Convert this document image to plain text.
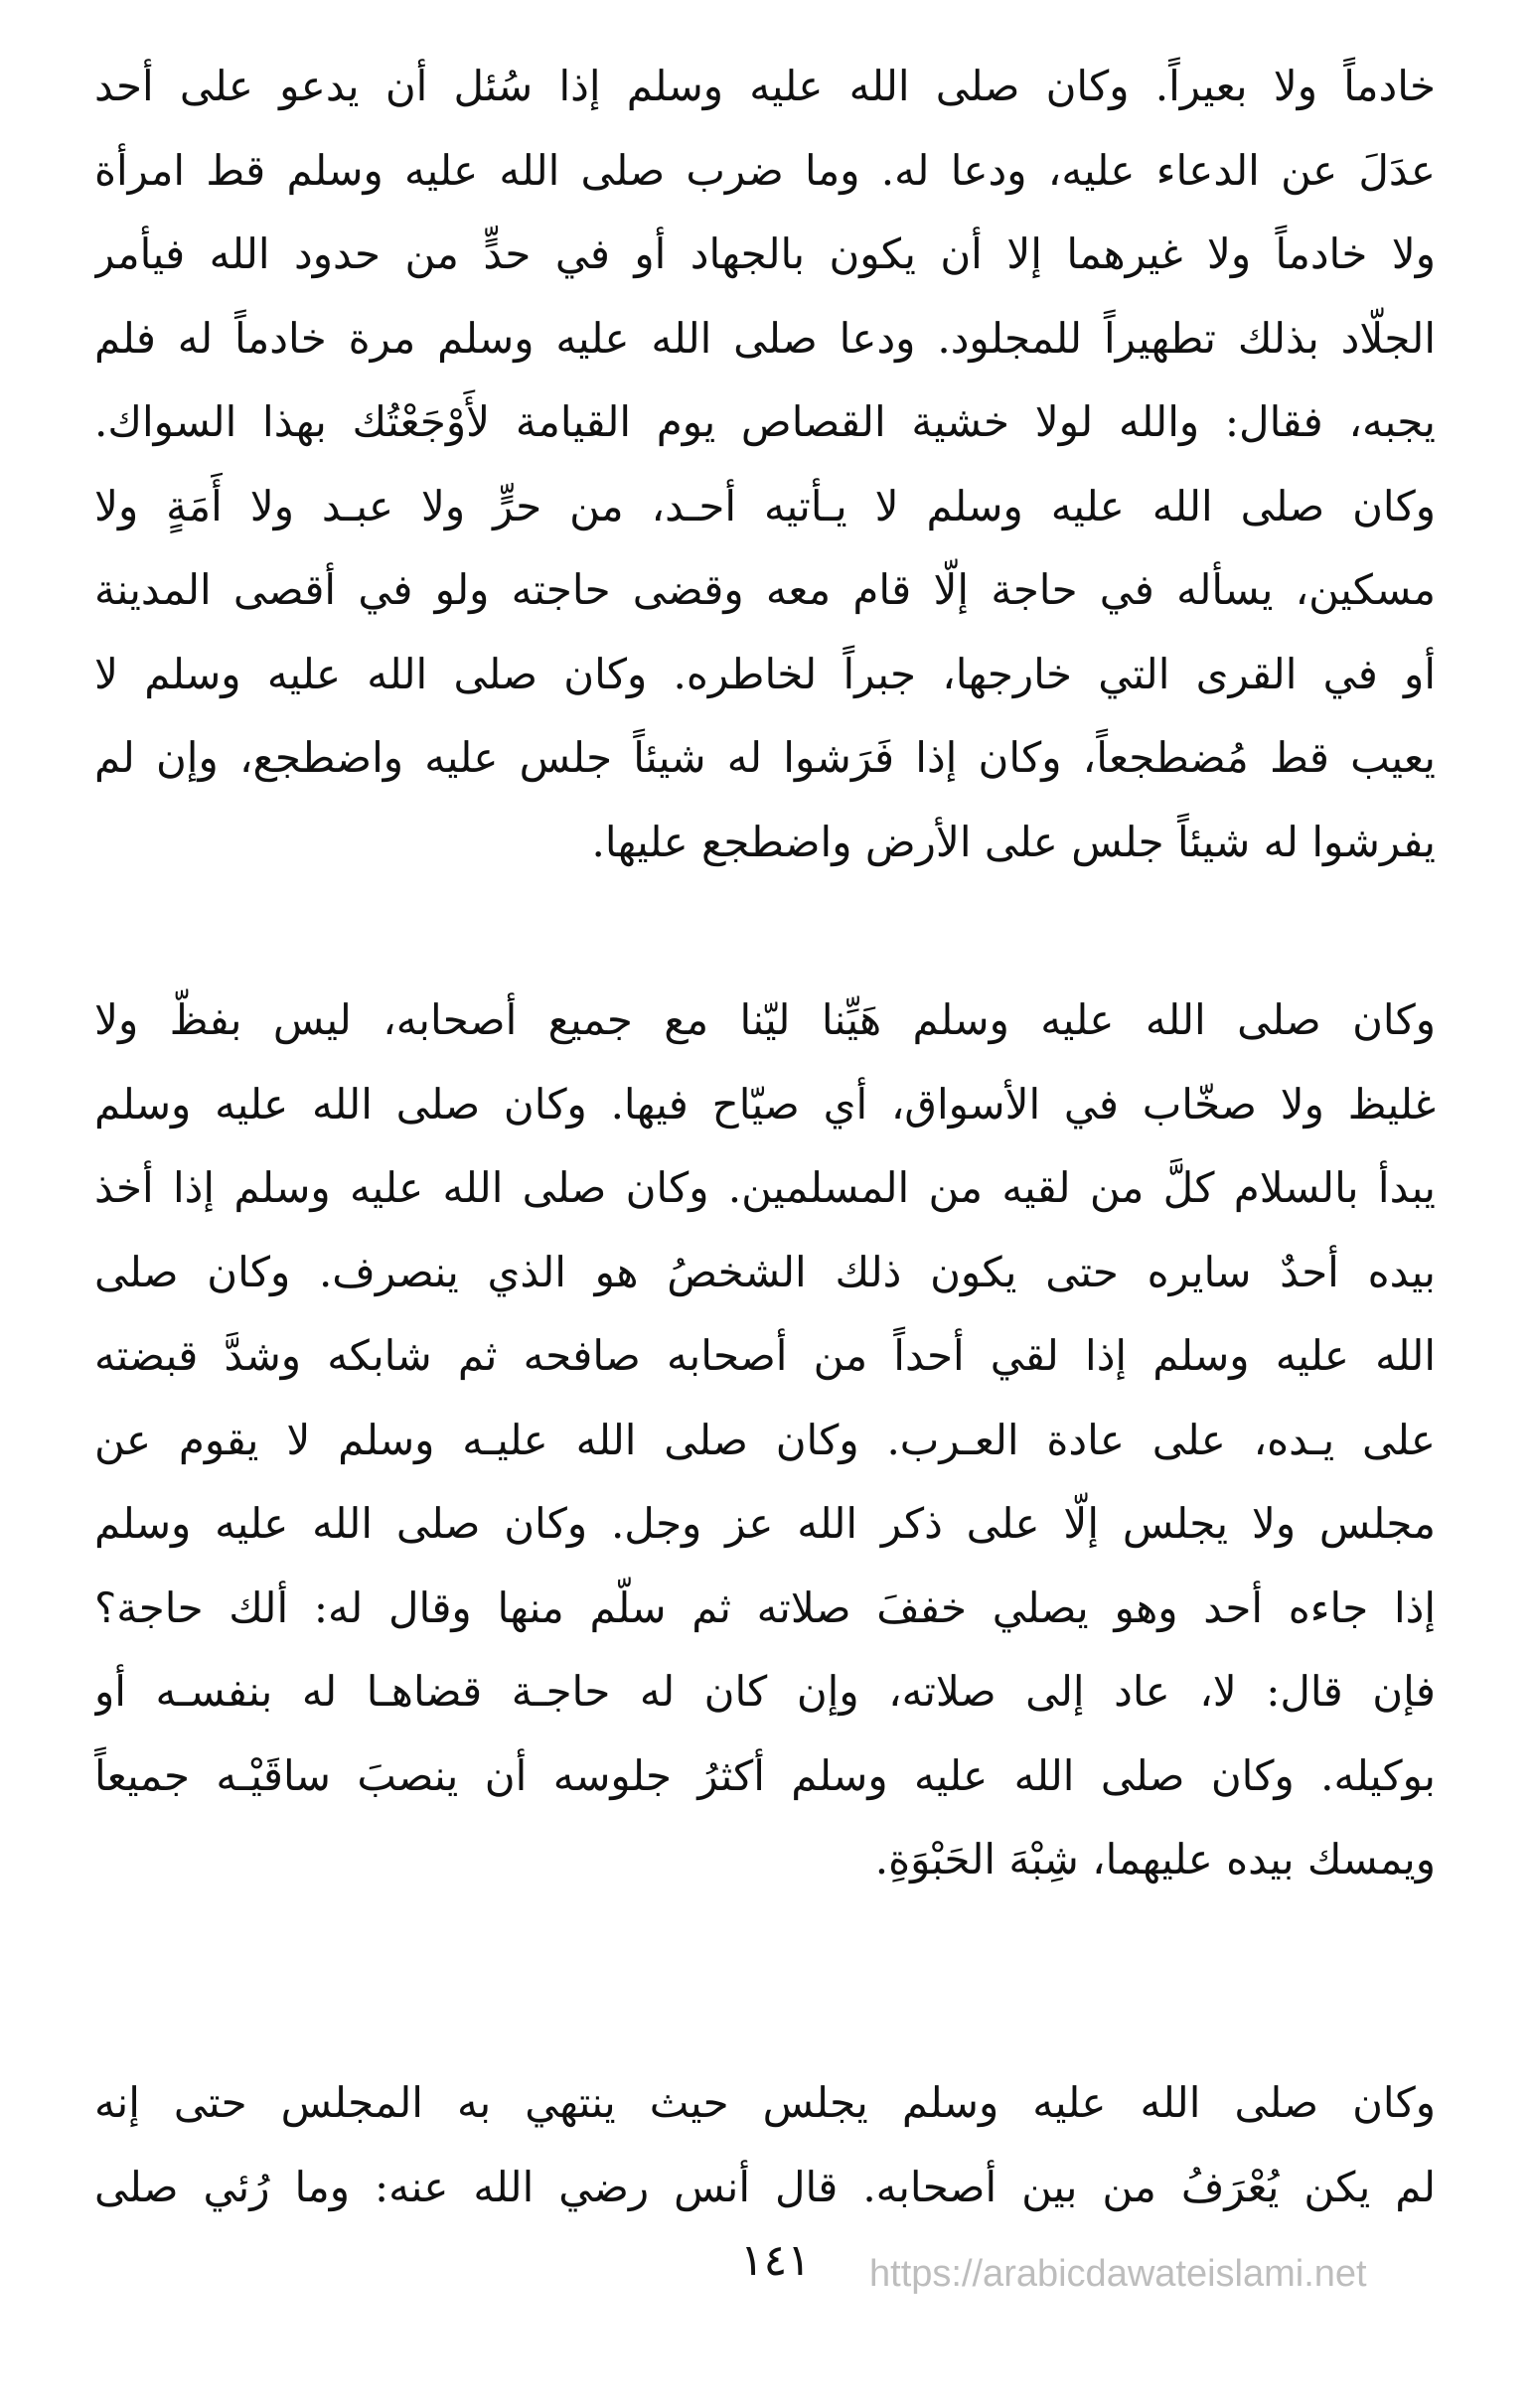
خادماً ولا بعيراً. وكان صلى الله عليه وسلم إذا سُئل أن يدعو على أحد
عدَلَ عن الدعاء عليه، ودعا له. وما ضرب صلى الله عليه وسلم قط امرأة
ولا خادماً ولا غيرهما إلا أن يكون بالجهاد أو في حدٍّ من حدود الله فيأمر
الجلّاد بذلك تطهيراً للمجلود. ودعا صلى الله عليه وسلم مرة خادماً له فلم
يجبه، فقال: والله لولا خشية القصاص يوم القيامة لأَوْجَعْتُك بهذا السواك.
وكان صلى الله عليه وسلم لا يـأتيه أحـد، من حرٍّ ولا عبـد ولا أَمَةٍ ولا
مسكين، يسأله في حاجة إلّا قام معه وقضى حاجته ولو في أقصى المدينة
أو في القرى التي خارجها، جبراً لخاطره. وكان صلى الله عليه وسلم لا
يعيب قط مُضطجعاً، وكان إذا فَرَشوا له شيئاً جلس عليه واضطجع، وإن لم
يفرشوا له شيئاً جلس على الأرض واضطجع عليها.
وكان صلى الله عليه وسلم هَيِّنا ليّنا مع جميع أصحابه، ليس بفظّ ولا
غليظ ولا صخّاب في الأسواق، أي صيّاح فيها. وكان صلى الله عليه وسلم
يبدأ بالسلام كلَّ من لقيه من المسلمين. وكان صلى الله عليه وسلم إذا أخذ
بيده أحدٌ سايره حتى يكون ذلك الشخصُ هو الذي ينصرف. وكان صلى
الله عليه وسلم إذا لقي أحداً من أصحابه صافحه ثم شابكه وشدَّ قبضته
على يـده، على عادة العـرب. وكان صلى الله عليـه وسلم لا يقوم عن
مجلس ولا يجلس إلّا على ذكر الله عز وجل. وكان صلى الله عليه وسلم
إذا جاءه أحد وهو يصلي خففَ صلاته ثم سلّم منها وقال له: ألك حاجة؟
فإن قال: لا، عاد إلى صلاته، وإن كان له حاجـة قضاهـا له بنفسـه أو
بوكيله. وكان صلى الله عليه وسلم أكثرُ جلوسه أن ينصبَ ساقَيْـه جميعاً
ويمسك بيده عليهما، شِبْهَ الحَبْوَةِ.
وكان صلى الله عليه وسلم يجلس حيث ينتهي به المجلس حتى إنه
لم يكن يُعْرَفُ من بين أصحابه. قال أنس رضي الله عنه: وما رُئي صلى
١٤١ https://arabicdawateislami.net
